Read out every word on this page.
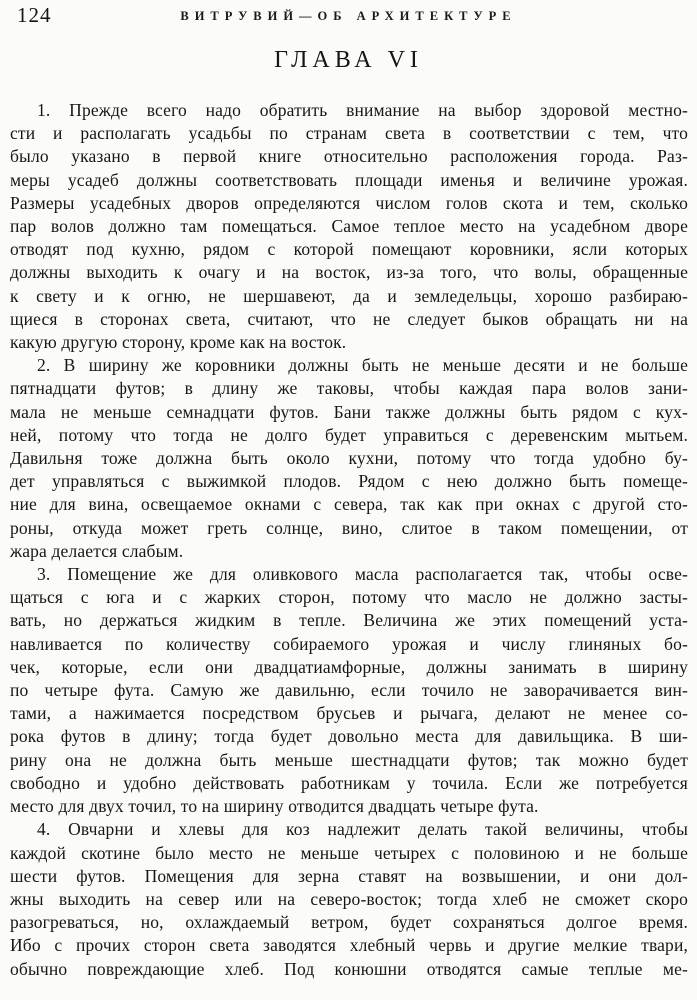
124	ВИТРУВИЙ—ОБ АРХИТЕКТУРЕ
ГЛАВА VI

1. Прежде всего надо обратить внимание на выбор здоровой местно-
сти и располагать усадьбы по странам света в соответствии с тем, что
было указано в первой книге относительно расположения города. Раз-
меры усадеб должны соответствовать площади именья и величине урожая.
Размеры усадебных дворов определяются числом голов скота и тем, сколько
пар волов должно там помещаться. Самое теплое место на усадебном дворе
отводят под кухню, рядом с которой помещают коровники, ясли которых
должны выходить к очагу и на восток, из-за того, что волы, обращенные
к свету и к огню, не шершавеют, да и земледельцы, хорошо разбираю-
щиеся в сторонах света, считают, что не следует быков обращать ни на
какую другую сторону, кроме как на восток.

2. В ширину же коровники должны быть не меньше десяти и не больше
пятнадцати футов; в длину же таковы, чтобы каждая пара волов зани-
мала не меньше семнадцати футов. Бани также должны быть рядом с кух-
ней, потому что тогда не долго будет управиться с деревенским мытьем.
Давильня тоже должна быть около кухни, потому что тогда удобно бу-
дет управляться с выжимкой плодов. Рядом с нею должно быть помеще-
ние для вина, освещаемое окнами с севера, так как при окнах с другой сто-
роны, откуда может греть солнце, вино, слитое в таком помещении, от
жара делается слабым.

3. Помещение же для оливкового масла располагается так, чтобы осве-
щаться с юга и с жарких сторон, потому что масло не должно засты-
вать, но держаться жидким в тепле. Величина же этих помещений уста-
навливается по количеству собираемого урожая и числу глиняных бо-
чек, которые, если они двадцатиамфорные, должны занимать в ширину
по четыре фута. Самую же давильню, если точило не заворачивается вин-
тами, а нажимается посредством брусьев и рычага, делают не менее со-
рока футов в длину; тогда будет довольно места для давильщика. В ши-
рину она не должна быть меньше шестнадцати футов; так можно будет
свободно и удобно действовать работникам у точила. Если же потребуется
место для двух точил, то на ширину отводится двадцать четыре фута.

4. Овчарни и хлевы для коз надлежит делать такой величины, чтобы
каждой скотине было место не меньше четырех с половиною и не больше
шести футов. Помещения для зерна ставят на возвышении, и они дол-
жны выходить на север или на северо-восток; тогда хлеб не сможет скоро
разогреваться, но, охлаждаемый ветром, будет сохраняться долгое время.
Ибо с прочих сторон света заводятся хлебный червь и другие мелкие твари,
обычно повреждающие хлеб. Под конюшни отводятся самые теплые ме-
